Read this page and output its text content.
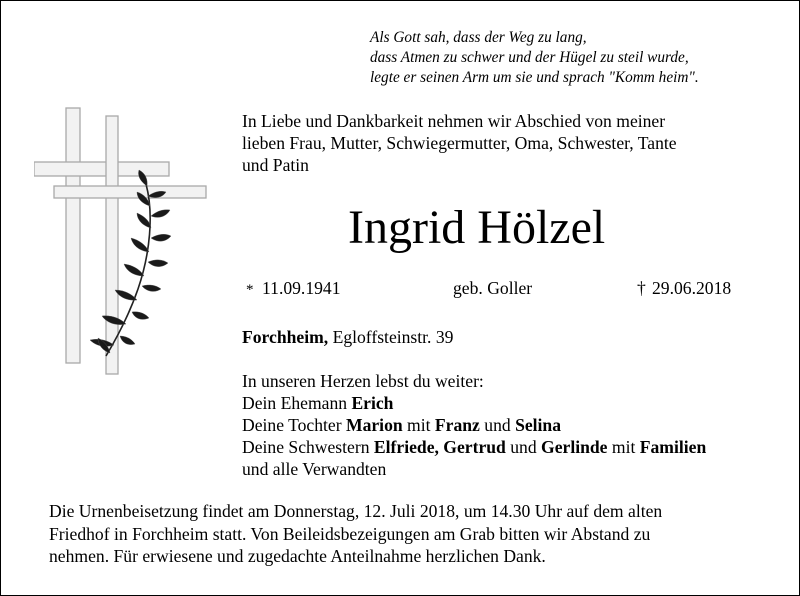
Als Gott sah, dass der Weg zu lang,
dass Atmen zu schwer und der Hügel zu steil wurde,
legte er seinen Arm um sie und sprach "Komm heim".
In Liebe und Dankbarkeit nehmen wir Abschied von meiner
lieben Frau, Mutter, Schwiegermutter, Oma, Schwester, Tante
und Patin
Ingrid Hölzel
* 11.09.1941	geb. Goller	† 29.06.2018
Forchheim, Egloffsteinstr. 39
In unseren Herzen lebst du weiter:
Dein Ehemann Erich
Deine Tochter Marion mit Franz und Selina
Deine Schwestern Elfriede, Gertrud und Gerlinde mit Familien
und alle Verwandten
Die Urnenbeisetzung findet am Donnerstag, 12. Juli 2018, um 14.30 Uhr auf dem alten
Friedhof in Forchheim statt. Von Beileidsbezeigungen am Grab bitten wir Abstand zu
nehmen. Für erwiesene und zugedachte Anteilnahme herzlichen Dank.
